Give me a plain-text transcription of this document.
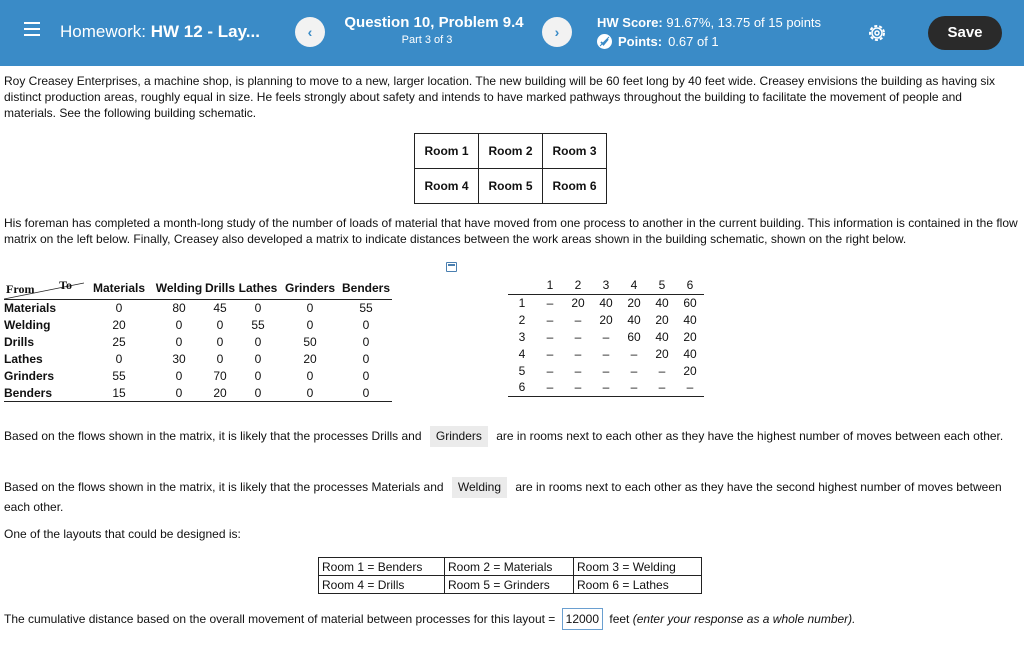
Homework: HW 12 - Lay...	‹
Question 10, Problem 9.4
Part 3 of 3	›
HW Score: 91.67%, 13.75 of 15 points
Points: 0.67 of 1
Save
Roy Creasey Enterprises, a machine shop, is planning to move to a new, larger location. The new building will be 60 feet long by 40 feet wide. Creasey envisions the building as having six distinct production areas, roughly equal in size. He feels strongly about safety and intends to have marked pathways throughout the building to facilitate the movement of people and materials. See the following building schematic.
Room 1	Room 2	Room 3
Room 4	Room 5	Room 6
His foreman has completed a month-long study of the number of loads of material that have moved from one process to another in the current building. This information is contained in the flow matrix on the left below. Finally, Creasey also developed a matrix to indicate distances between the work areas shown in the building schematic, shown on the right below.
To
From	Materials	Welding	Drills	Lathes	Grinders	Benders
Materials	0	80	45	0	0	55
Welding	20	0	0	55	0	0
Drills	25	0	0	0	50	0
Lathes	0	30	0	0	20	0
Grinders	55	0	70	0	0	0
Benders	15	0	20	0	0	0
	1	2	3	4	5	6
1	–	20	40	20	40	60
2	–	–	20	40	20	40
3	–	–	–	60	40	20
4	–	–	–	–	20	40
5	–	–	–	–	–	20
6	–	–	–	–	–	–
Based on the flows shown in the matrix, it is likely that the processes Drills and Grinders are in rooms next to each other as they have the highest number of moves between each other.
Based on the flows shown in the matrix, it is likely that the processes Materials and Welding are in rooms next to each other as they have the second highest number of moves between each other.
One of the layouts that could be designed is:
Room 1 = Benders	Room 2 = Materials	Room 3 = Welding
Room 4 = Drills	Room 5 = Grinders	Room 6 = Lathes
The cumulative distance based on the overall movement of material between processes for this layout = 12000 feet (enter your response as a whole number).
